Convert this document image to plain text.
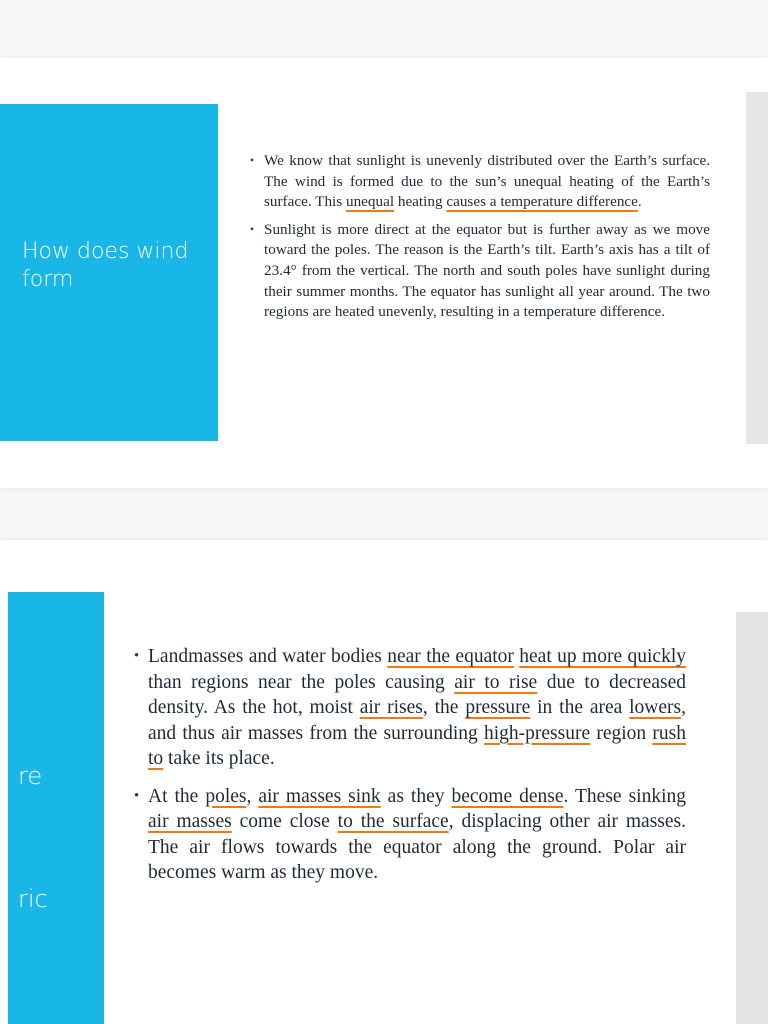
How does wind form
• We know that sunlight is unevenly distributed over the Earth’s surface. The wind is formed due to the sun’s unequal heating of the Earth’s surface. This unequal heating causes a temperature difference.
• Sunlight is more direct at the equator but is further away as we move toward the poles. The reason is the Earth’s tilt. Earth’s axis has a tilt of 23.4° from the vertical. The north and south poles have sunlight during their summer months. The equator has sunlight all year around. The two regions are heated unevenly, resulting in a temperature difference.
re
ric
• Landmasses and water bodies near the equator heat up more quickly than regions near the poles causing air to rise due to decreased density. As the hot, moist air rises, the pressure in the area lowers, and thus air masses from the surrounding high-pressure region rush to take its place.
• At the poles, air masses sink as they become dense. These sinking air masses come close to the surface, displacing other air masses. The air flows towards the equator along the ground. Polar air becomes warm as they move.
